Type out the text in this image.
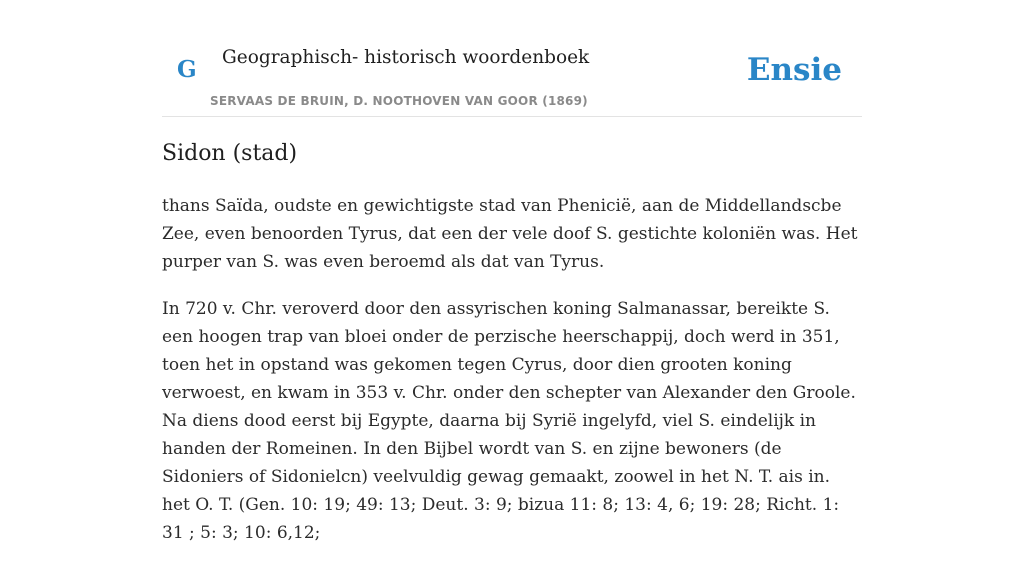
G Geographisch- historisch woordenboek
SERVAAS DE BRUIN, D. NOOTHOVEN VAN GOOR (1869)
Ensie
Sidon (stad)

thans Saïda, oudste en gewichtigste stad van Phenicië, aan de Middellandscbe Zee, even benoorden Tyrus, dat een der vele doof S. gestichte koloniën was. Het purper van S. was even beroemd als dat van Tyrus.

In 720 v. Chr. veroverd door den assyrischen koning Salmanassar, bereikte S. een hoogen trap van bloei onder de perzische heerschappij, doch werd in 351, toen het in opstand was gekomen tegen Cyrus, door dien grooten koning verwoest, en kwam in 353 v. Chr. onder den schepter van Alexander den Groole. Na diens dood eerst bij Egypte, daarna bij Syrië ingelyfd, viel S. eindelijk in handen der Romeinen. In den Bijbel wordt van S. en zijne bewoners (de Sidoniers of Sidonielcn) veelvuldig gewag gemaakt, zoowel in het N. T. ais in. het O. T. (Gen. 10: 19; 49: 13; Deut. 3: 9; bizua 11: 8; 13: 4, 6; 19: 28; Richt. 1: 31 ; 5: 3; 10: 6,12;
